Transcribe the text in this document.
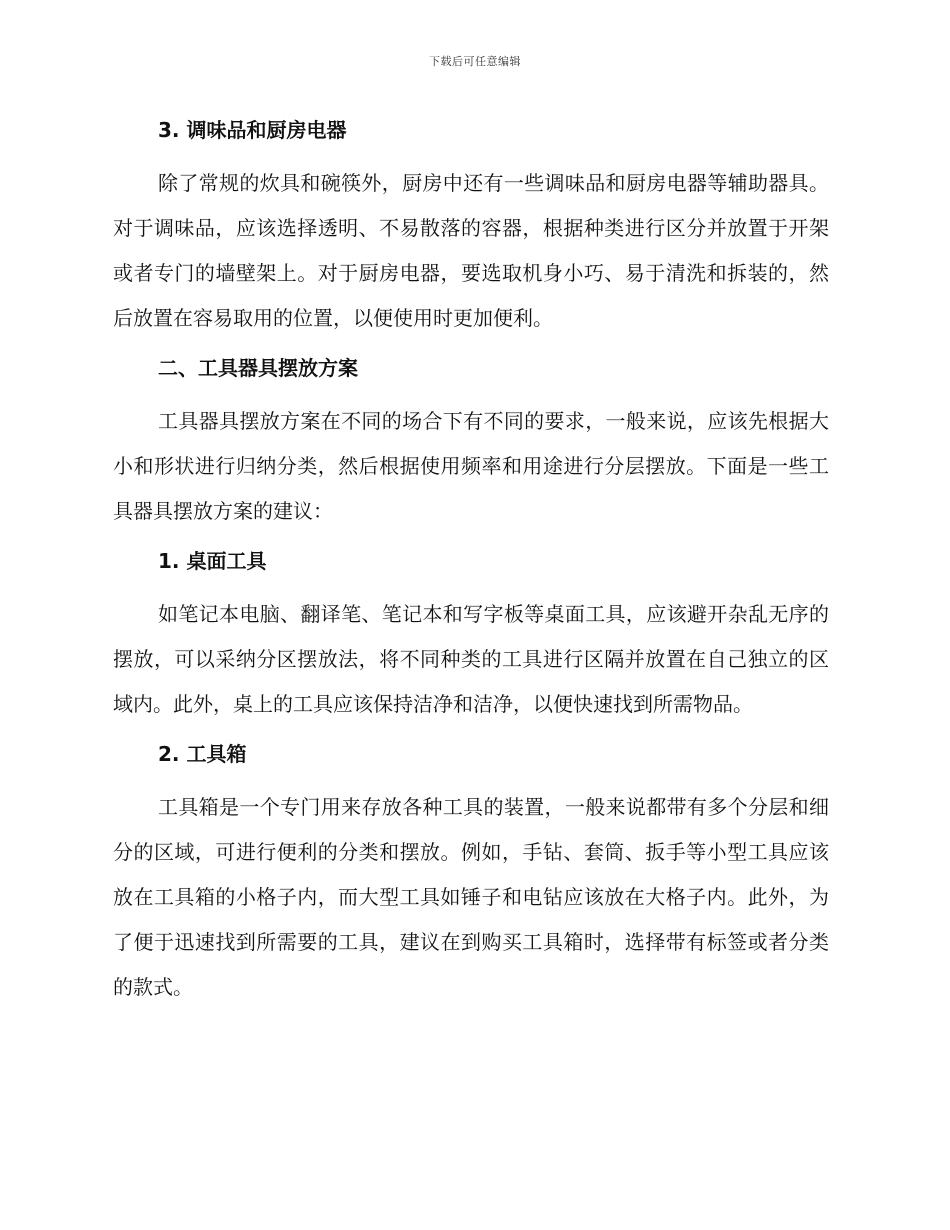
下载后可任意编辑
3. 调味品和厨房电器

除了常规的炊具和碗筷外，厨房中还有一些调味品和厨房电器等辅助器具。对于调味品，应该选择透明、不易散落的容器，根据种类进行区分并放置于开架或者专门的墙壁架上。对于厨房电器，要选取机身小巧、易于清洗和拆装的，然后放置在容易取用的位置，以便使用时更加便利。

二、工具器具摆放方案

工具器具摆放方案在不同的场合下有不同的要求，一般来说，应该先根据大小和形状进行归纳分类，然后根据使用频率和用途进行分层摆放。下面是一些工具器具摆放方案的建议：

1. 桌面工具

如笔记本电脑、翻译笔、笔记本和写字板等桌面工具，应该避开杂乱无序的摆放，可以采纳分区摆放法，将不同种类的工具进行区隔并放置在自己独立的区域内。此外，桌上的工具应该保持洁净和洁净，以便快速找到所需物品。

2. 工具箱

工具箱是一个专门用来存放各种工具的装置，一般来说都带有多个分层和细分的区域，可进行便利的分类和摆放。例如，手钻、套筒、扳手等小型工具应该放在工具箱的小格子内，而大型工具如锤子和电钻应该放在大格子内。此外，为了便于迅速找到所需要的工具，建议在到购买工具箱时，选择带有标签或者分类的款式。
